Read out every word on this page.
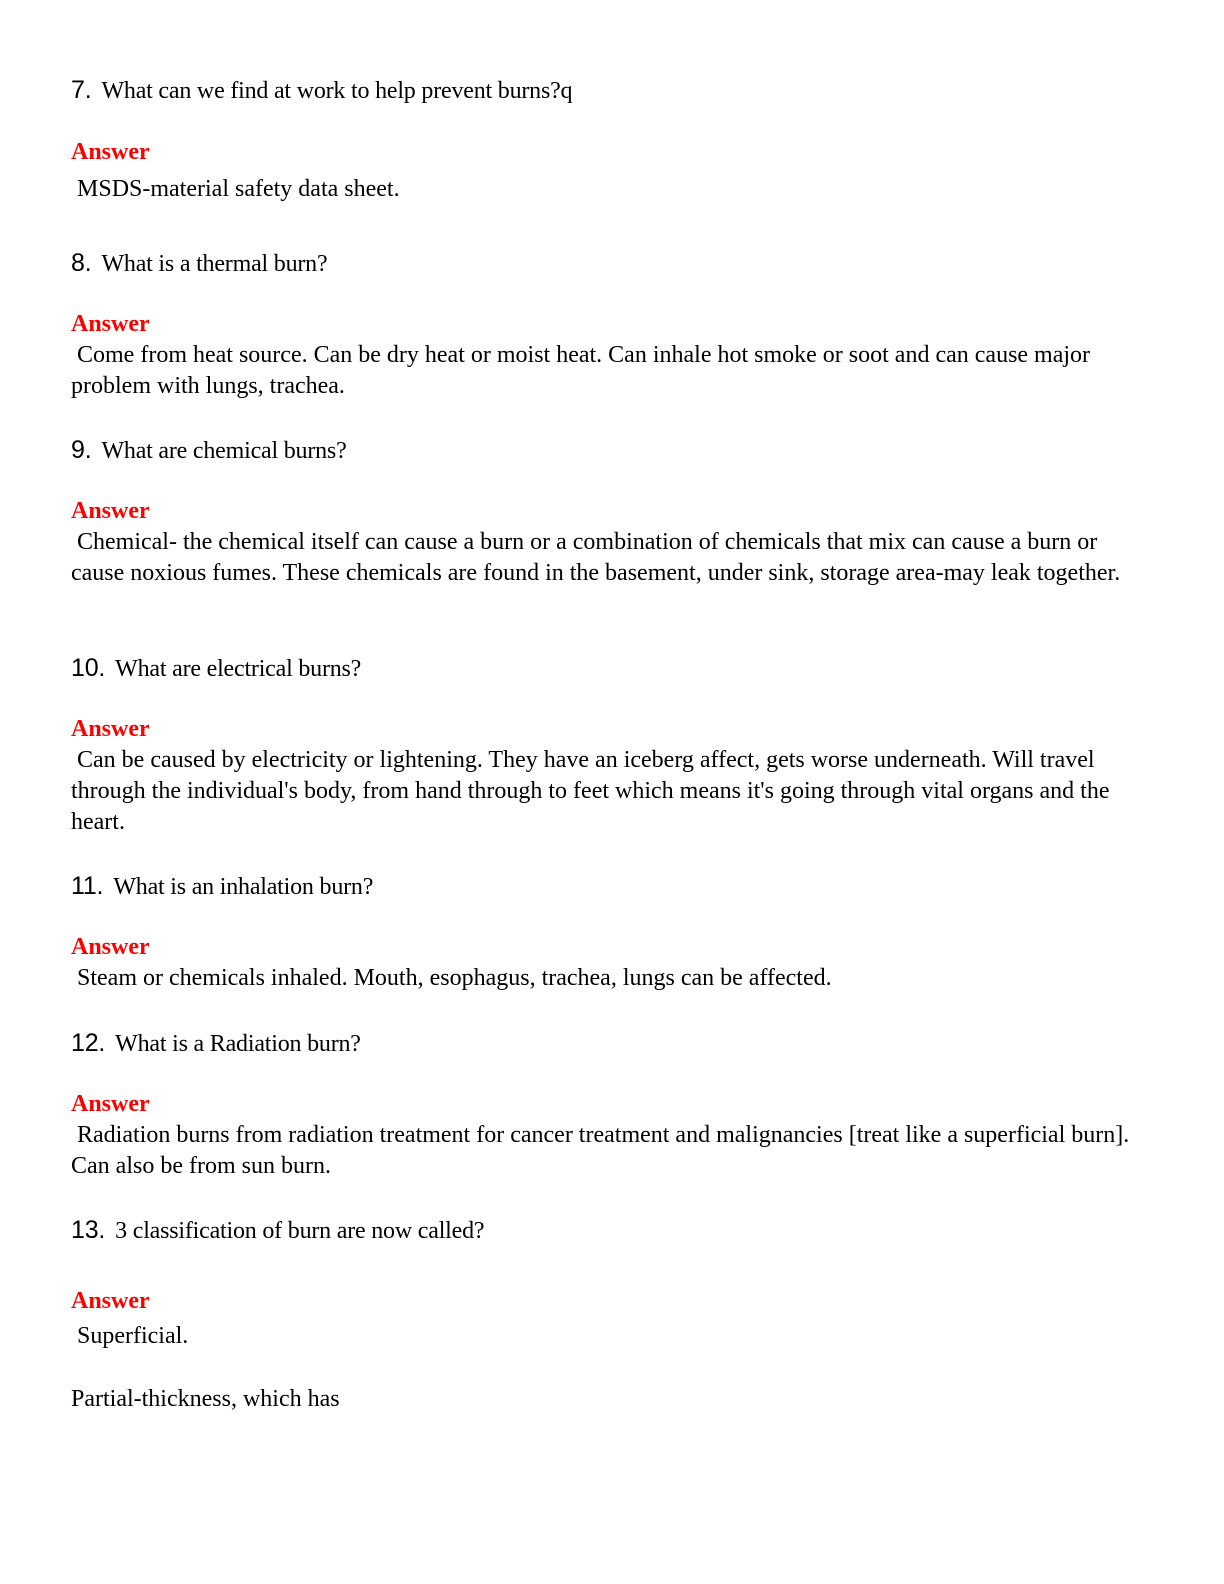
7. What can we find at work to help prevent burns?q
Answer
MSDS-material safety data sheet.
8. What is a thermal burn?
Answer
Come from heat source. Can be dry heat or moist heat. Can inhale hot smoke or soot and can cause major problem with lungs, trachea.
9. What are chemical burns?
Answer
Chemical- the chemical itself can cause a burn or a combination of chemicals that mix can cause a burn or cause noxious fumes. These chemicals are found in the basement, under sink, storage area-may leak together.
10. What are electrical burns?
Answer
Can be caused by electricity or lightening. They have an iceberg affect, gets worse underneath. Will travel through the individual's body, from hand through to feet which means it's going through vital organs and the heart.
11. What is an inhalation burn?
Answer
Steam or chemicals inhaled. Mouth, esophagus, trachea, lungs can be affected.
12. What is a Radiation burn?
Answer
Radiation burns from radiation treatment for cancer treatment and malignancies [treat like a superficial burn]. Can also be from sun burn.
13. 3 classification of burn are now called?
Answer
Superficial.
Partial-thickness, which has
